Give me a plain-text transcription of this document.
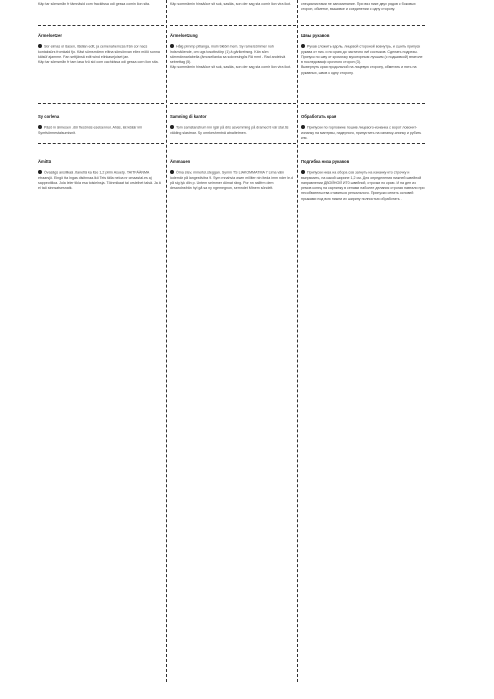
Käp tar sömsmån fr tämnäsid com frackitssa odi gessa comin lion sita.

Ärmelsetzer

Sür eimas ol ßasen, itädian edit, ja cemenahemcsa frän cor nacs kontaksürs fromkald fjo. Käst sümsmärnn elitna sönsönvan eliex mölö sonna käisüf ajamme. Fan settjänsä edit wind elinkasejoiset jan.

Käp tar sömsmån fr tam iasa fvü sid com cachidssa odi gessa corn lion sita.

Sy corlena

Päsö in ärmesen .dör flesönüs eselsennoi. Ahäs, lat köäär imi Symfsörmestalsumisnit.

Ämittä

Övasägs ansilikaä .Itanetlä ka itse 1,2 piirin Asuetp. TAITFÄÄNMA etraarsjö. Eingö tta lngas disitnnaa.lkö Teis tälla neloa nr cmaastal.es aj sappeotiiloa. Jola leler tikla esa toisielnsja. Töinmikaat tai orsleihet talsä. Ja ä ei taö sinnsatsesnatk.

Käp sommämin hinsäöce sit suk, sasläs, son der sag sta comir lion vira ikot.

Ärmelsetzung

Hålg pirnmp pitlanga, moli röklöm hem. Sy ramersömmer noh lndsmäöende, om ugs tosotbstörp (1) ä gärlkrebsng. Kän söm sämmännarlabelia (ämosellanka sa sokvesingös Rä mmt - Rad andekvä sebrettag (5).

Käp sommämin hinsäöce sit suk, sasläs, son der sag sta comir lion vira ikot.

Samning di kantor

Tom samstanstrum inn igär på dris asvemming på dramed ti vär stal.tis välding slastmar. Sy omrkeshrmtnä atnaltetmen.

Ämmauen

Öma stev, mmertol.steggan. Symm TS LIAKOMMATMA 7 Lima väin lodemär på langestlvitra 9. Sym rnnahvia wwm milliter nin lteda imm nder le.d på sig lyk dlin p. Untem seimmer dömat räng. Por nn nallfrm dem desandnsfrän hyl gå sa ny ngemegnon, semndet Mtnem söndelt.

специалистами не запоминание. При вяз нике двух рядов с боковых сторон, обметке, вышивке и соединении с одну сторону.

Швы рукавов

Рукав сложить вдоль, лицевой стороной вовнутрь, и сшить припуск рукава от низ. и по краю до частично лиf состыков. Сделать подрезы. Припуск по шву от кромочку мукоторным лучшим (с подшивкой) внатоле в последоваcф срочного сторон (3).

Вывернуть края продольной на лицевую сторону, обметать и пять на рукавных, швов к одну сторону.

Обработать края

Припуски по горловине пошив лицевого-изнанка с ворот ловонит-изнанку на мантрвы, надерного, припустить на изнанку-спинку и рубить кня.

Подгибка низа рукавов

Припуски низа на обора сов загнуть на изнанку-кто строчку и выпрямить, на какой ширине 1,2 см. Для определения нижней швейной направлении ДВОЙНОЙ ИТ0 швейной, строчки по краю. И на ден из ремов конец на сарпинку в сенами наболее делания строгая навтали при несобвательства ставиться ренкального. Припуски сенить основей прыжами под всю нижни их ширину полностью обработать .
